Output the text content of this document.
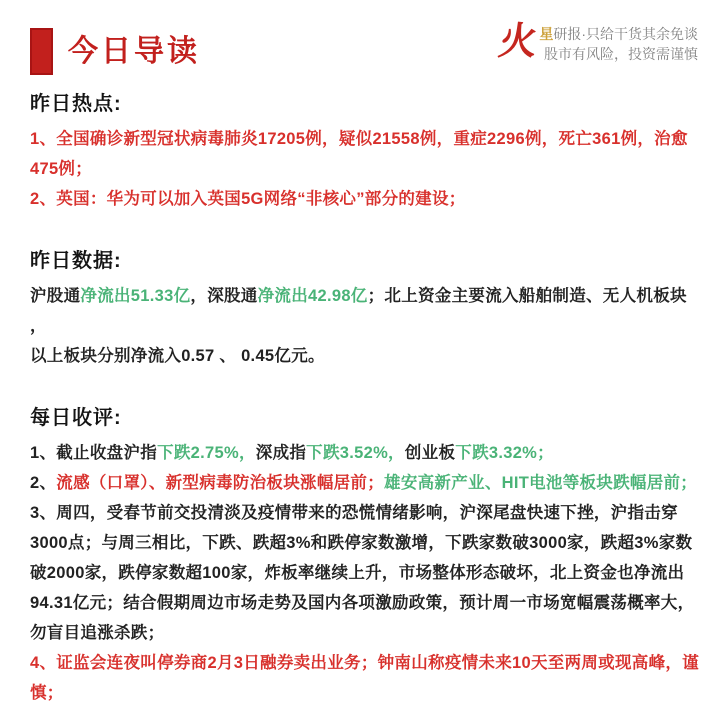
今日导读	火
星研报·只给干货其余免谈
股市有风险，投资需谨慎
昨日热点:

1、全国确诊新型冠状病毒肺炎17205例，疑似21558例，重症2296例，死亡361例，治愈475例；

2、英国：华为可以加入英国5G网络“非核心”部分的建设；

昨日数据:

沪股通净流出51.33亿，深股通净流出42.98亿；北上资金主要流入船舶制造、无人机板块 ，

以上板块分别净流入0.57 、 0.45亿元。

每日收评:

1、截止收盘沪指下跌2.75%，深成指下跌3.52%，创业板下跌3.32%；

2、流感（口罩）、新型病毒防治板块涨幅居前；雄安高新产业、HIT电池等板块跌幅居前；

3、周四，受春节前交投清淡及疫情带来的恐慌情绪影响，沪深尾盘快速下挫，沪指击穿3000点；与周三相比，下跌、跌超3%和跌停家数激增，下跌家数破3000家，跌超3%家数破2000家，跌停家数超100家，炸板率继续上升，市场整体形态破坏，北上资金也净流出94.31亿元；结合假期周边市场走势及国内各项激励政策，预计周一市场宽幅震荡概率大，勿盲目追涨杀跌；

4、证监会连夜叫停券商2月3日融券卖出业务；钟南山称疫情未来10天至两周或现高峰，谨慎；
